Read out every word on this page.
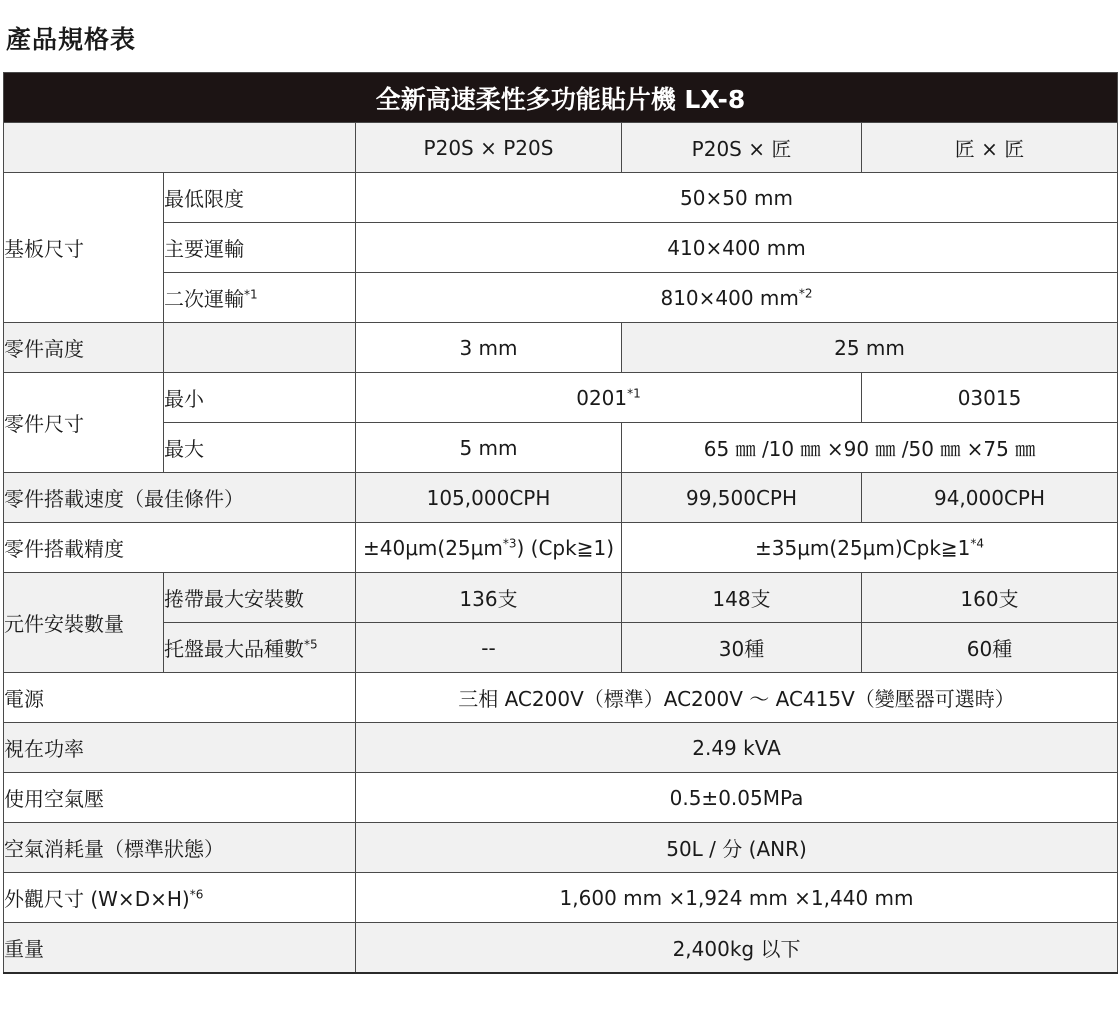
產品規格表
全新高速柔性多功能貼片機 LX-8				
		P20S × P20S	P20S × 匠	匠 × 匠
基板尺寸	最低限度	50×50 mm		
	主要運輸	410×400 mm		
	二次運輸$^{*1}$	810×400 $mm^{*2}$
零件高度		3 mm	25 mm	
零件尺寸	最小	0201$^{*1}$		03015
	最大	5 mm	65 ㎜ /10 ㎜ ×90 ㎜ /50 ㎜ ×75 ㎜	
零件搭載速度（最佳條件）		105,000CPH	99,500CPH	94,000CPH
零件搭載精度		$\pm 40\mu m(25\mu m^{*3})$ (Cpk≧1)	$\pm 35\mu m(25\mu m)Cpk≧1^{*4}$
元件安裝數量	捲帶最大安裝數	136支	148支	160支
	托盤最大品種數$^{*5}$	--	30種	60種
電源		三相 AC200V（標準）AC200V ～ AC415V（變壓器可選時）		
視在功率		2.49 kVA		
使用空氣壓		0.5±0.05MPa		
空氣消耗量（標準狀態）		50L / 分 (ANR)		
外觀尺寸 $(W\times D\times H)^{*6}$		1,600 mm ×1,924 mm ×1,440 mm		
重量		2,400kg 以下		
